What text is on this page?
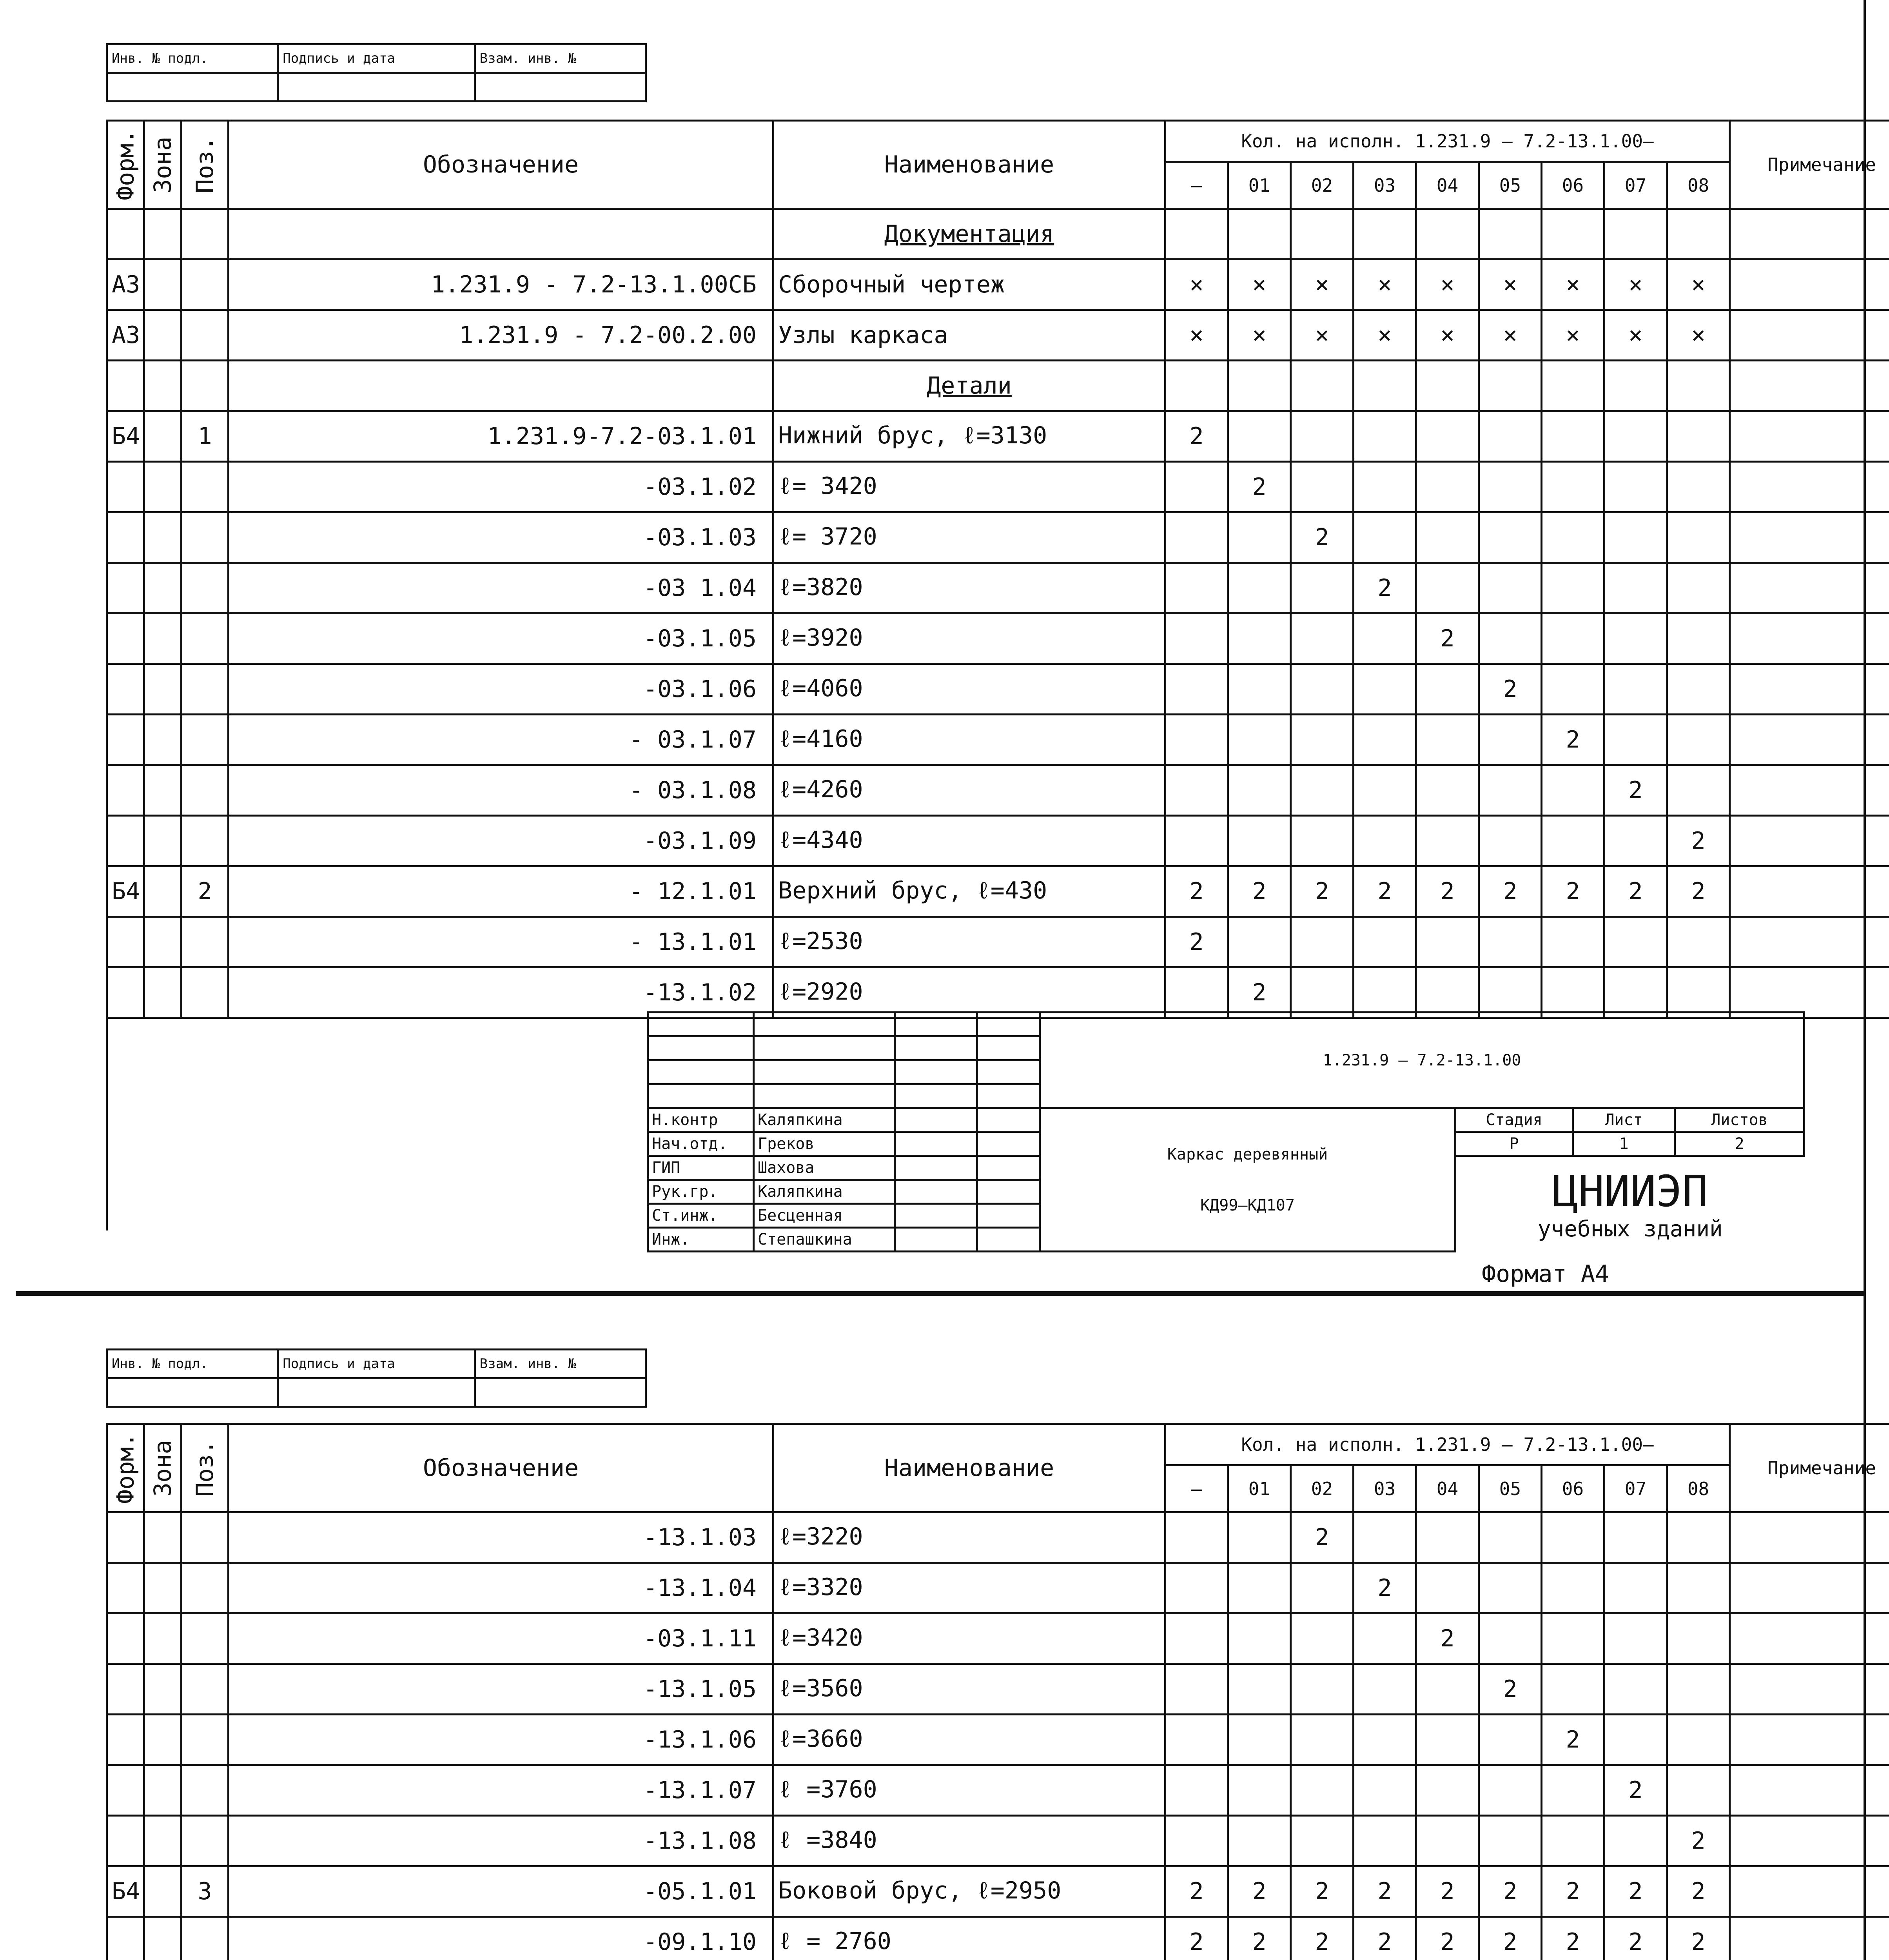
Инв. № подл.	Подпись и дата	Взам. инв. №

Инв. № подл.	Подпись и дата	Взам. инв. №

Форм.	Зона	Поз.	Обозначение	Наименование	Кол. на исполн. 1.231.9 — 7.2-13.1.00—									Примечание
					—	01	02	03	04	05	06	07	08	
				Документация										
А3			1.231.9 - 7.2-13.1.00СБ	Сборочный чертеж	×	×	×	×	×	×	×	×	×	
А3			1.231.9 - 7.2-00.2.00	Узлы каркаса	×	×	×	×	×	×	×	×	×	
				Детали										
Б4		1	1.231.9-7.2-03.1.01	Нижний брус, ℓ=3130	2									
			-03.1.02	ℓ= 3420		2								
			-03.1.03	ℓ= 3720			2							
			-03 1.04	ℓ=3820				2						
			-03.1.05	ℓ=3920					2					
			-03.1.06	ℓ=4060						2				
			- 03.1.07	ℓ=4160							2			
			- 03.1.08	ℓ=4260								2		
			-03.1.09	ℓ=4340									2	
Б4		2	- 12.1.01	Верхний брус, ℓ=430	2	2	2	2	2	2	2	2	2	
			- 13.1.01	ℓ=2530	2									
			-13.1.02	ℓ=2920		2								

				1.231.9 — 7.2-13.1.00			

Н.контр	Каляпкина			Каркас деревянный
КД99—КД107	Стадия	Лист	Листов
Нач.отд.	Греков				Р	1	2
ГИП	Шахова				ЦНИИЭП
учебных зданий		

Рук.гр.	Каляпкина						
Ст.инж.	Бесценная						
Инж.	Степашкина						
Формат А4
Форм.	Зона	Поз.	Обозначение	Наименование	Кол. на исполн. 1.231.9 — 7.2-13.1.00—									Примечание
					—	01	02	03	04	05	06	07	08	
			-13.1.03	ℓ=3220			2							
			-13.1.04	ℓ=3320				2						
			-03.1.11	ℓ=3420					2					
			-13.1.05	ℓ=3560						2				
			-13.1.06	ℓ=3660							2			
			-13.1.07	ℓ =3760								2		
			-13.1.08	ℓ =3840									2	
Б4		3	-05.1.01	Боковой брус, ℓ=2950	2	2	2	2	2	2	2	2	2	
			-09.1.10	ℓ = 2760	2	2	2	2	2	2	2	2	2	
